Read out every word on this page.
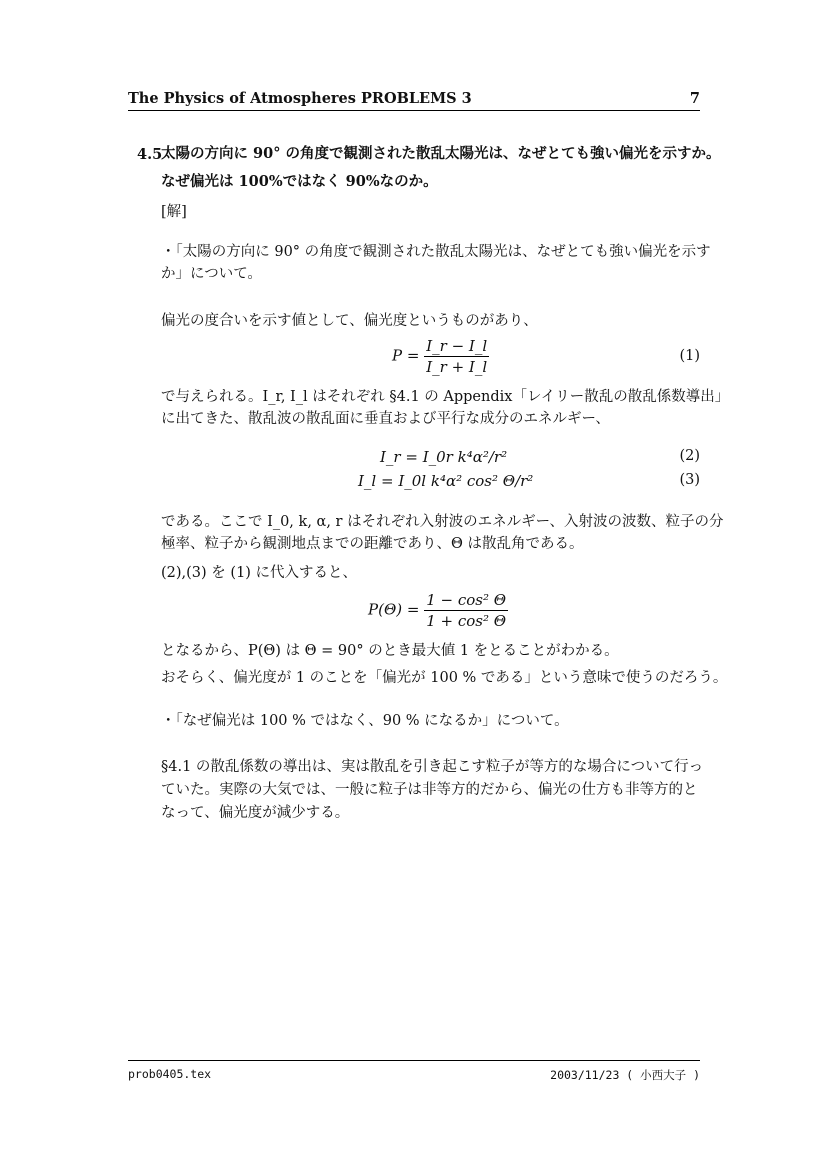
The Physics of Atmospheres PROBLEMS 3	7
4.5
太陽の方向に 90° の角度で観測された散乱太陽光は、なぜとても強い偏光を示すか。
なぜ偏光は 100%ではなく 90%なのか。
[解]
・「太陽の方向に 90° の角度で観測された散乱太陽光は、なぜとても強い偏光を示す
か」について。
偏光の度合いを示す値として、偏光度というものがあり、
$P = \frac{I\_r - I\_l}{I\_r + I\_l}$	(1)
で与えられる。I_r, I_l はそれぞれ §4.1 の Appendix「レイリー散乱の散乱係数導出」
に出てきた、散乱波の散乱面に垂直および平行な成分のエネルギー、
I_r = I_0r k⁴α²/r²	(2)
I_l = I_0l k⁴α² cos² Θ/r²	(3)
である。ここで I_0, k, α, r はそれぞれ入射波のエネルギー、入射波の波数、粒子の分
極率、粒子から観測地点までの距離であり、Θ は散乱角である。
(2),(3) を (1) に代入すると、
$P(\Theta) = \frac{\text{1 − cos² Θ}}{\text{1 + cos² Θ}}$
となるから、P(Θ) は Θ = 90° のとき最大値 1 をとることがわかる。
おそらく、偏光度が 1 のことを「偏光が 100 % である」という意味で使うのだろう。
・「なぜ偏光は 100 % ではなく、90 % になるか」について。
§4.1 の散乱係数の導出は、実は散乱を引き起こす粒子が等方的な場合について行っ
ていた。実際の大気では、一般に粒子は非等方的だから、偏光の仕方も非等方的と
なって、偏光度が減少する。
prob0405.tex	2003/11/23 ( 小西大子 )
